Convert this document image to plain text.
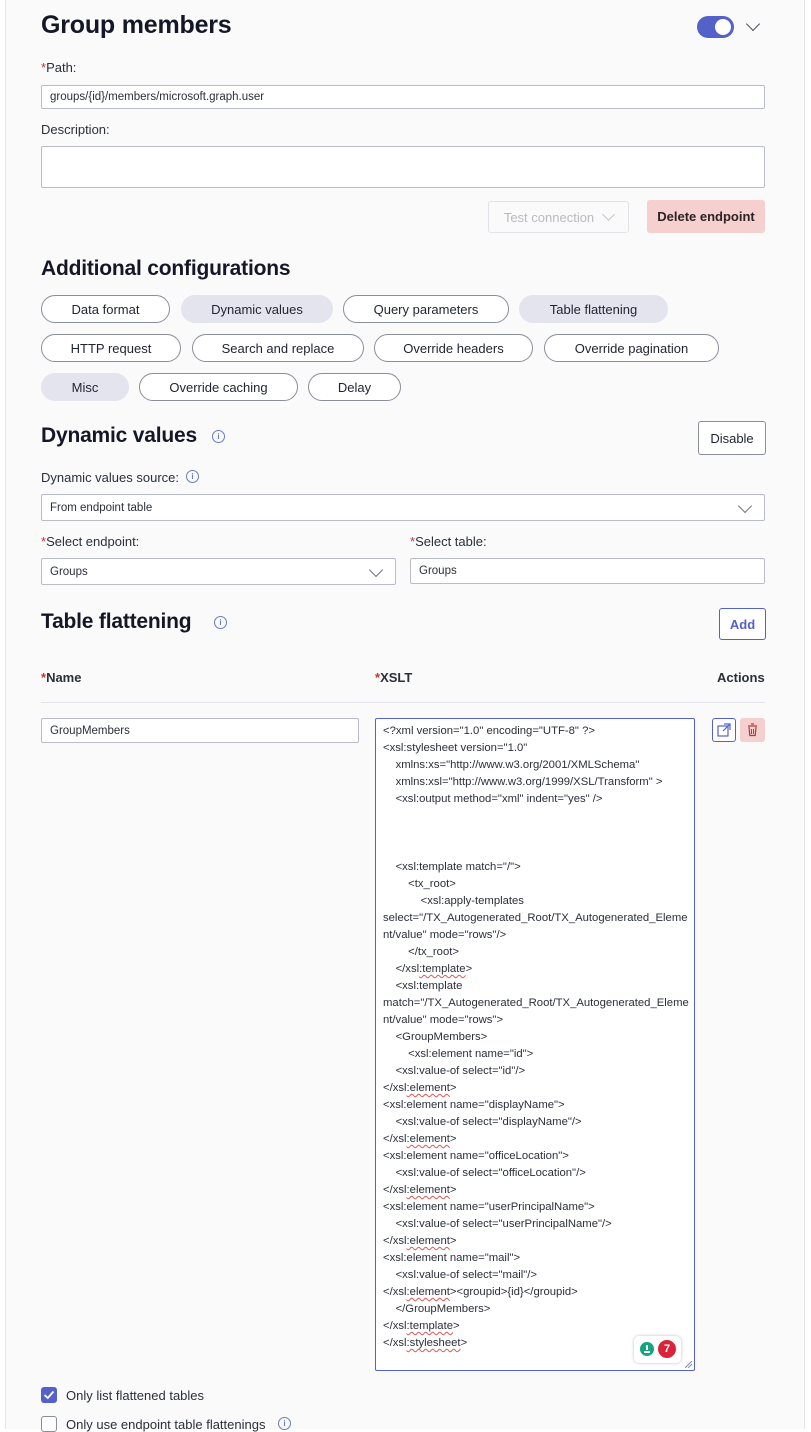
Group members
*Path:
groups/{id}/members/microsoft.graph.user
Description:
Test connection	Delete endpoint
Additional configurations
Data format	Dynamic values	Query parameters	Table flattening
HTTP request	Search and replace	Override headers	Override pagination
Misc	Override caching	Delay
Dynamic values	i	Disable
Dynamic values source:	i
From endpoint table
*Select endpoint:
Groups
*Select table:
Groups
Table flattening	i	Add
*Name	*XSLT	Actions
GroupMembers	<?xml version="1.0" encoding="UTF-8" ?>
<xsl:stylesheet version="1.0"
xmlns:xs="http://www.w3.org/2001/XMLSchema"
xmlns:xsl="http://www.w3.org/1999/XSL/Transform" >
<xsl:output method="xml" indent="yes" />

<xsl:template match="/">
<tx_root>
<xsl:apply-templates
select="/TX_Autogenerated_Root/TX_Autogenerated_Element/value" mode="rows"/>
</tx_root>
</xsl:template>
<xsl:template
match="/TX_Autogenerated_Root/TX_Autogenerated_Element/value" mode="rows">
<GroupMembers>
<xsl:element name="id">
<xsl:value-of select="id"/>
</xsl:element>
<xsl:element name="displayName">
<xsl:value-of select="displayName"/>
</xsl:element>
<xsl:element name="officeLocation">
<xsl:value-of select="officeLocation"/>
</xsl:element>
<xsl:element name="userPrincipalName">
<xsl:value-of select="userPrincipalName"/>
</xsl:element>
<xsl:element name="mail">
<xsl:value-of select="mail"/>
</xsl:element><groupid>{id}</groupid>
</GroupMembers>
</xsl:template>
</xsl:stylesheet>	7
Only list flattened tables
Only use endpoint table flattenings	i
